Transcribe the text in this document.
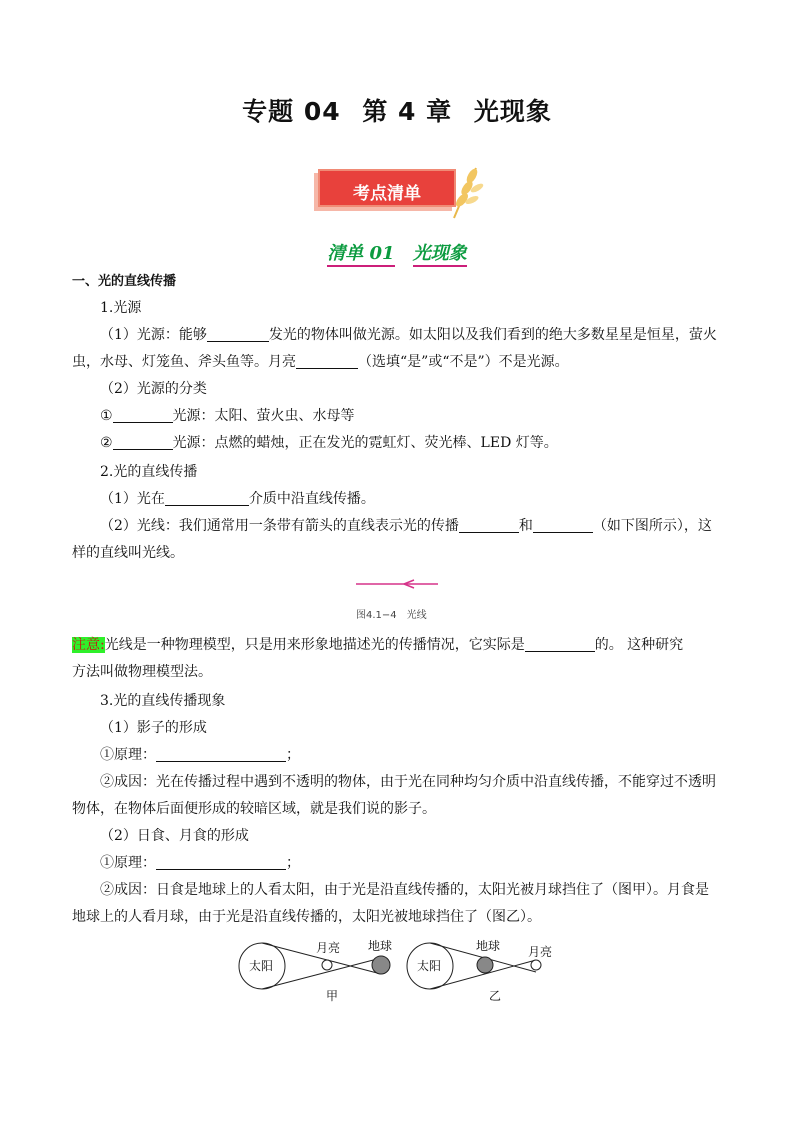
专题 04 第 4 章 光现象
考点清单
清单 01 光现象
一、光的直线传播
1.光源
（1）光源：能够	发光的物体叫做光源。如太阳以及我们看到的绝大多数星星是恒星，萤火
虫，水母、灯笼鱼、斧头鱼等。月亮	（选填“是”或“不是”）不是光源。
（2）光源的分类
①	光源：太阳、萤火虫、水母等
②	光源：点燃的蜡烛，正在发光的霓虹灯、荧光棒、LED 灯等。
2.光的直线传播
（1）光在	介质中沿直线传播。
（2）光线：我们通常用一条带有箭头的直线表示光的传播	和	（如下图所示），这
样的直线叫光线。
图4.1−4　光线
注意:光线是一种物理模型，只是用来形象地描述光的传播情况，它实际是	的。 这种研究
方法叫做物理模型法。
3.光的直线传播现象
（1）影子的形成
①原理：	；
②成因：光在传播过程中遇到不透明的物体，由于光在同种均匀介质中沿直线传播，不能穿过不透明
物体，在物体后面便形成的较暗区域，就是我们说的影子。
（2）日食、月食的形成
①原理：	；
②成因：日食是地球上的人看太阳，由于光是沿直线传播的，太阳光被月球挡住了（图甲）。月食是
地球上的人看月球，由于光是沿直线传播的，太阳光被地球挡住了（图乙）。
太阳
月亮 地球
甲
太阳
地球 月亮
乙
